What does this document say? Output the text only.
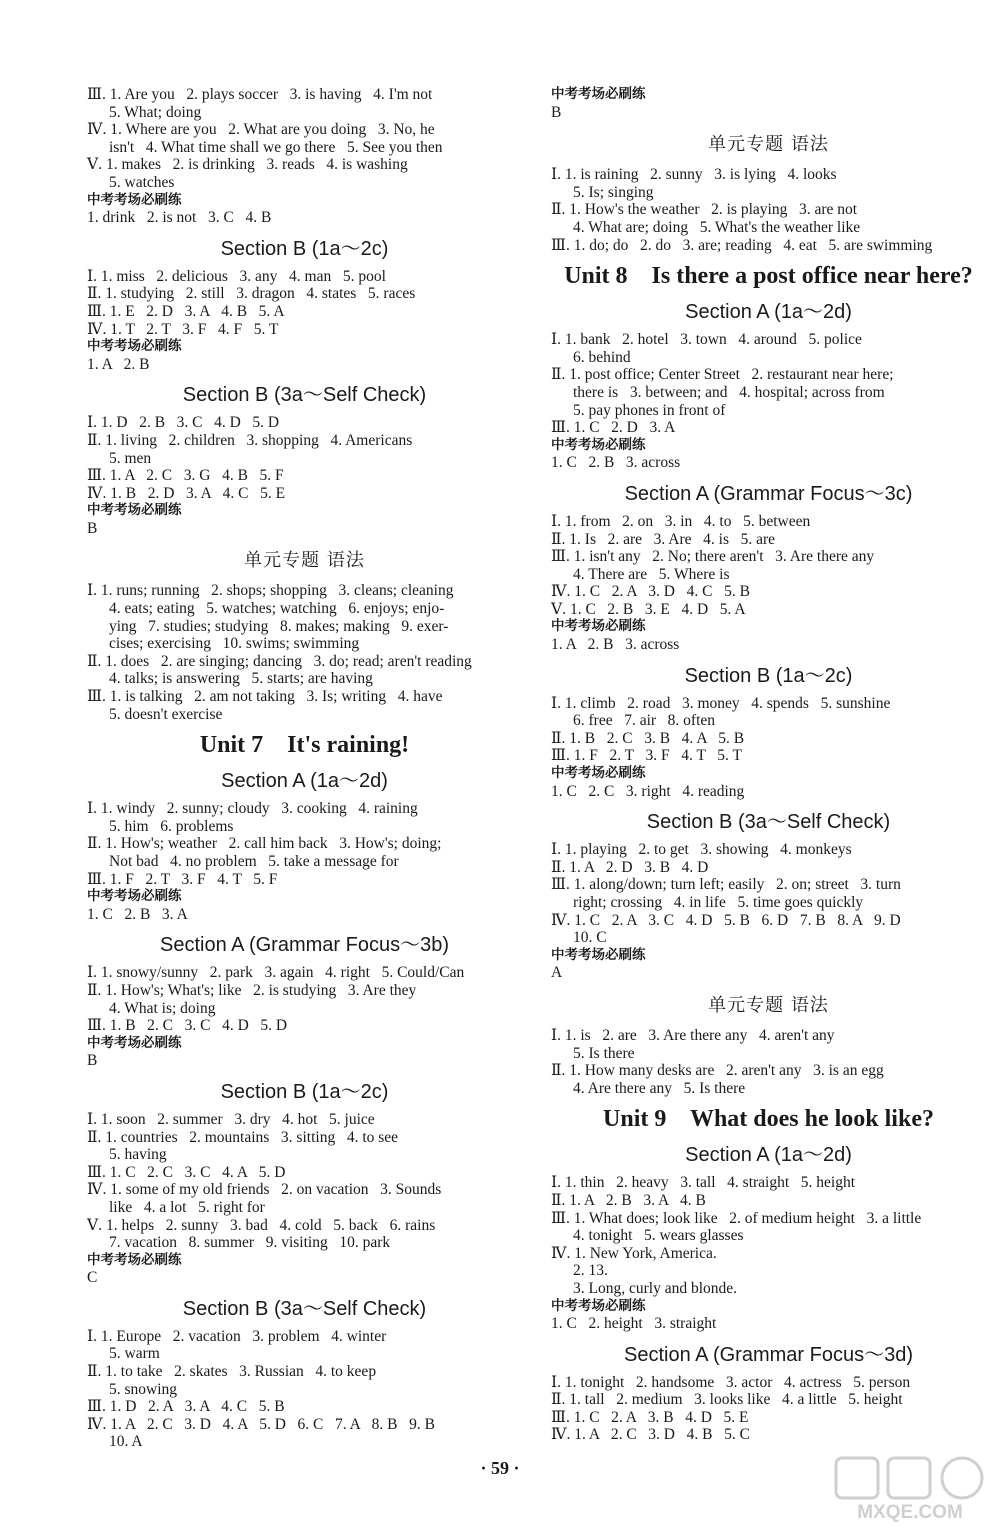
Ⅲ. 1. Are you   2. plays soccer   3. is having   4. I'm not
5. What; doing
Ⅳ. 1. Where are you   2. What are you doing   3. No, he
isn't   4. What time shall we go there   5. See you then
Ⅴ. 1. makes   2. is drinking   3. reads   4. is washing
5. watches
中考考场必刷练
1. drink   2. is not   3. C   4. B
Section B (1a～2c)
Ⅰ. 1. miss   2. delicious   3. any   4. man   5. pool
Ⅱ. 1. studying   2. still   3. dragon   4. states   5. races
Ⅲ. 1. E   2. D   3. A   4. B   5. A
Ⅳ. 1. T   2. T   3. F   4. F   5. T
中考考场必刷练
1. A   2. B
Section B (3a～Self Check)
Ⅰ. 1. D   2. B   3. C   4. D   5. D
Ⅱ. 1. living   2. children   3. shopping   4. Americans
5. men
Ⅲ. 1. A   2. C   3. G   4. B   5. F
Ⅳ. 1. B   2. D   3. A   4. C   5. E
中考考场必刷练
B
单元专题 语法
Ⅰ. 1. runs; running   2. shops; shopping   3. cleans; cleaning
4. eats; eating   5. watches; watching   6. enjoys; enjo-
ying   7. studies; studying   8. makes; making   9. exer-
cises; exercising   10. swims; swimming
Ⅱ. 1. does   2. are singing; dancing   3. do; read; aren't reading
4. talks; is answering   5. starts; are having
Ⅲ. 1. is talking   2. am not taking   3. Is; writing   4. have
5. doesn't exercise
Unit 7    It's raining!
Section A (1a～2d)
Ⅰ. 1. windy   2. sunny; cloudy   3. cooking   4. raining
5. him   6. problems
Ⅱ. 1. How's; weather   2. call him back   3. How's; doing;
Not bad   4. no problem   5. take a message for
Ⅲ. 1. F   2. T   3. F   4. T   5. F
中考考场必刷练
1. C   2. B   3. A
Section A (Grammar Focus～3b)
Ⅰ. 1. snowy/sunny   2. park   3. again   4. right   5. Could/Can
Ⅱ. 1. How's; What's; like   2. is studying   3. Are they
4. What is; doing
Ⅲ. 1. B   2. C   3. C   4. D   5. D
中考考场必刷练
B
Section B (1a～2c)
Ⅰ. 1. soon   2. summer   3. dry   4. hot   5. juice
Ⅱ. 1. countries   2. mountains   3. sitting   4. to see
5. having
Ⅲ. 1. C   2. C   3. C   4. A   5. D
Ⅳ. 1. some of my old friends   2. on vacation   3. Sounds
like   4. a lot   5. right for
Ⅴ. 1. helps   2. sunny   3. bad   4. cold   5. back   6. rains
7. vacation   8. summer   9. visiting   10. park
中考考场必刷练
C
Section B (3a～Self Check)
Ⅰ. 1. Europe   2. vacation   3. problem   4. winter
5. warm
Ⅱ. 1. to take   2. skates   3. Russian   4. to keep
5. snowing
Ⅲ. 1. D   2. A   3. A   4. C   5. B
Ⅳ. 1. A   2. C   3. D   4. A   5. D   6. C   7. A   8. B   9. B
10. A
中考考场必刷练
B
单元专题 语法
Ⅰ. 1. is raining   2. sunny   3. is lying   4. looks
5. Is; singing
Ⅱ. 1. How's the weather   2. is playing   3. are not
4. What are; doing   5. What's the weather like
Ⅲ. 1. do; do   2. do   3. are; reading   4. eat   5. are swimming
Unit 8    Is there a post office near here?
Section A (1a～2d)
Ⅰ. 1. bank   2. hotel   3. town   4. around   5. police
6. behind
Ⅱ. 1. post office; Center Street   2. restaurant near here;
there is   3. between; and   4. hospital; across from
5. pay phones in front of
Ⅲ. 1. C   2. D   3. A
中考考场必刷练
1. C   2. B   3. across
Section A (Grammar Focus～3c)
Ⅰ. 1. from   2. on   3. in   4. to   5. between
Ⅱ. 1. Is   2. are   3. Are   4. is   5. are
Ⅲ. 1. isn't any   2. No; there aren't   3. Are there any
4. There are   5. Where is
Ⅳ. 1. C   2. A   3. D   4. C   5. B
Ⅴ. 1. C   2. B   3. E   4. D   5. A
中考考场必刷练
1. A   2. B   3. across
Section B (1a～2c)
Ⅰ. 1. climb   2. road   3. money   4. spends   5. sunshine
6. free   7. air   8. often
Ⅱ. 1. B   2. C   3. B   4. A   5. B
Ⅲ. 1. F   2. T   3. F   4. T   5. T
中考考场必刷练
1. C   2. C   3. right   4. reading
Section B (3a～Self Check)
Ⅰ. 1. playing   2. to get   3. showing   4. monkeys
Ⅱ. 1. A   2. D   3. B   4. D
Ⅲ. 1. along/down; turn left; easily   2. on; street   3. turn
right; crossing   4. in life   5. time goes quickly
Ⅳ. 1. C   2. A   3. C   4. D   5. B   6. D   7. B   8. A   9. D
10. C
中考考场必刷练
A
单元专题 语法
Ⅰ. 1. is   2. are   3. Are there any   4. aren't any
5. Is there
Ⅱ. 1. How many desks are   2. aren't any   3. is an egg
4. Are there any   5. Is there
Unit 9    What does he look like?
Section A (1a～2d)
Ⅰ. 1. thin   2. heavy   3. tall   4. straight   5. height
Ⅱ. 1. A   2. B   3. A   4. B
Ⅲ. 1. What does; look like   2. of medium height   3. a little
4. tonight   5. wears glasses
Ⅳ. 1. New York, America.
2. 13.
3. Long, curly and blonde.
中考考场必刷练
1. C   2. height   3. straight
Section A (Grammar Focus～3d)
Ⅰ. 1. tonight   2. handsome   3. actor   4. actress   5. person
Ⅱ. 1. tall   2. medium   3. looks like   4. a little   5. height
Ⅲ. 1. C   2. A   3. B   4. D   5. E
Ⅳ. 1. A   2. C   3. D   4. B   5. C
· 59 ·
MXQE.COM
